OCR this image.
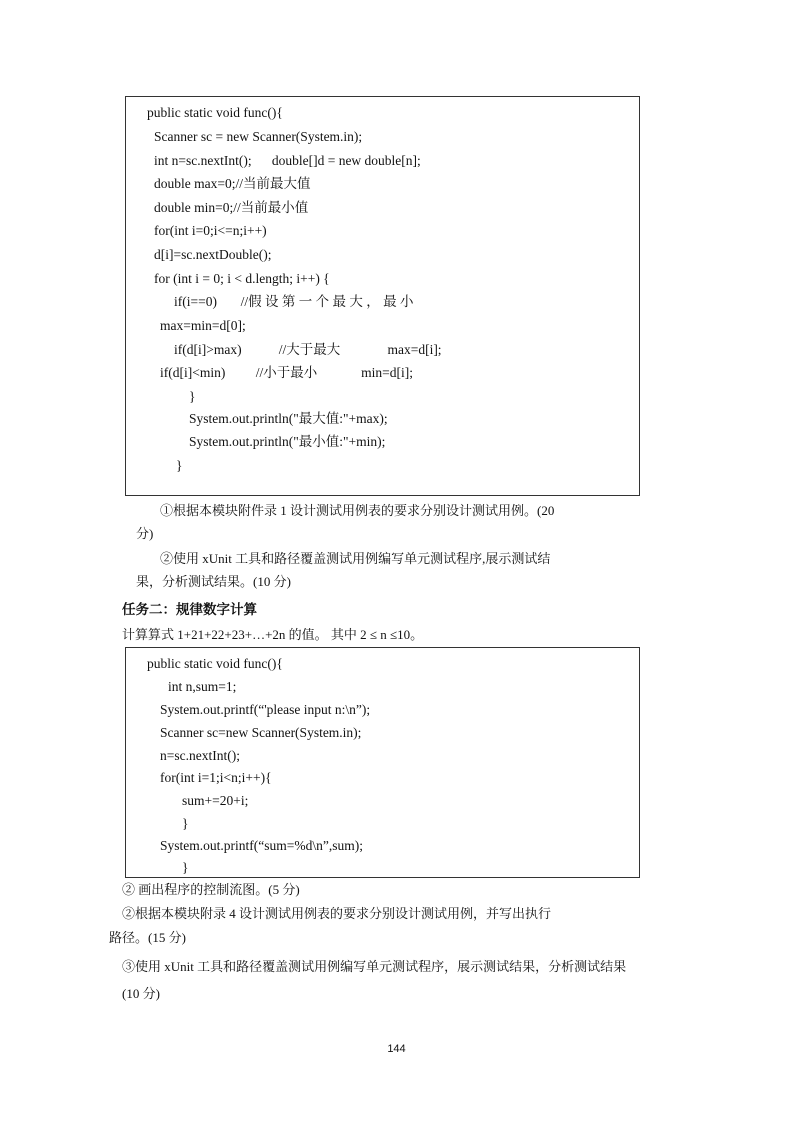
public static void func(){
Scanner sc = new Scanner(System.in);
int n=sc.nextInt();      double[]d = new double[n];
double max=0;//当前最大值
double min=0;//当前最小值
for(int i=0;i<=n;i++)
d[i]=sc.nextDouble();
for (int i = 0; i < d.length; i++) {
if(i==0)       //假 设 第 一 个 最 大 ， 最 小
max=min=d[0];
if(d[i]>max)           //大于最大              max=d[i];
if(d[i]<min)         //小于最小             min=d[i];
}
System.out.println("最大值:"+max);
System.out.println("最小值:"+min);
}
①根据本模块附件录 1 设计测试用例表的要求分别设计测试用例。(20
分)
②使用 xUnit 工具和路径覆盖测试用例编写单元测试程序,展示测试结
果，分析测试结果。(10 分)
任务二：规律数字计算
计算算式 1+21+22+23+…+2n 的值。 其中 2 ≤ n ≤10。
public static void func(){
int n,sum=1;
System.out.printf(“'please input n:\n”);
Scanner sc=new Scanner(System.in);
n=sc.nextInt();
for(int i=1;i<n;i++){
sum+=20+i;
}
System.out.printf(“sum=%d\n”,sum);
}
② 画出程序的控制流图。(5 分)
②根据本模块附录 4 设计测试用例表的要求分别设计测试用例，并写出执行
路径。(15 分)
③使用 xUnit 工具和路径覆盖测试用例编写单元测试程序，展示测试结果，分析测试结果
(10 分)
144
